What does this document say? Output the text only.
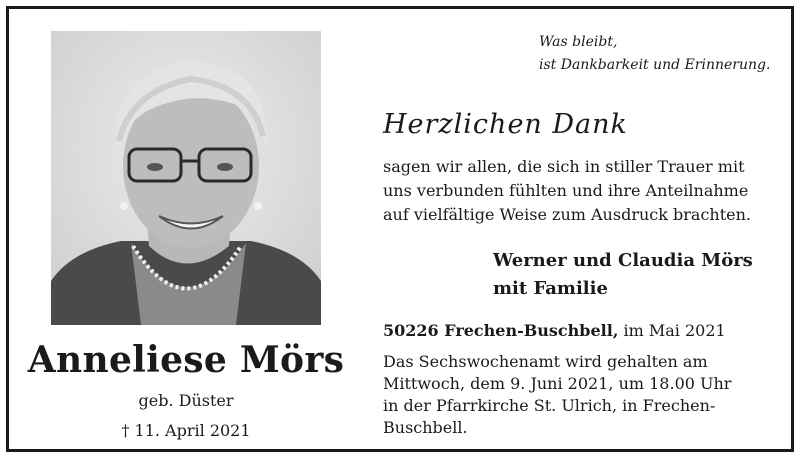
Anneliese Mörs
geb. Düster
† 11. April 2021
Was bleibt,
ist Dankbarkeit und Erinnerung.
Herzlichen Dank
sagen wir allen, die sich in stiller Trauer mit
uns verbunden fühlten und ihre Anteilnahme
auf vielfältige Weise zum Ausdruck brachten.
Werner und Claudia Mörs
mit Familie
50226 Frechen-Buschbell, im Mai 2021
Das Sechswochenamt wird gehalten am
Mittwoch, dem 9. Juni 2021, um 18.00 Uhr
in der Pfarrkirche St. Ulrich, in Frechen-
Buschbell.
